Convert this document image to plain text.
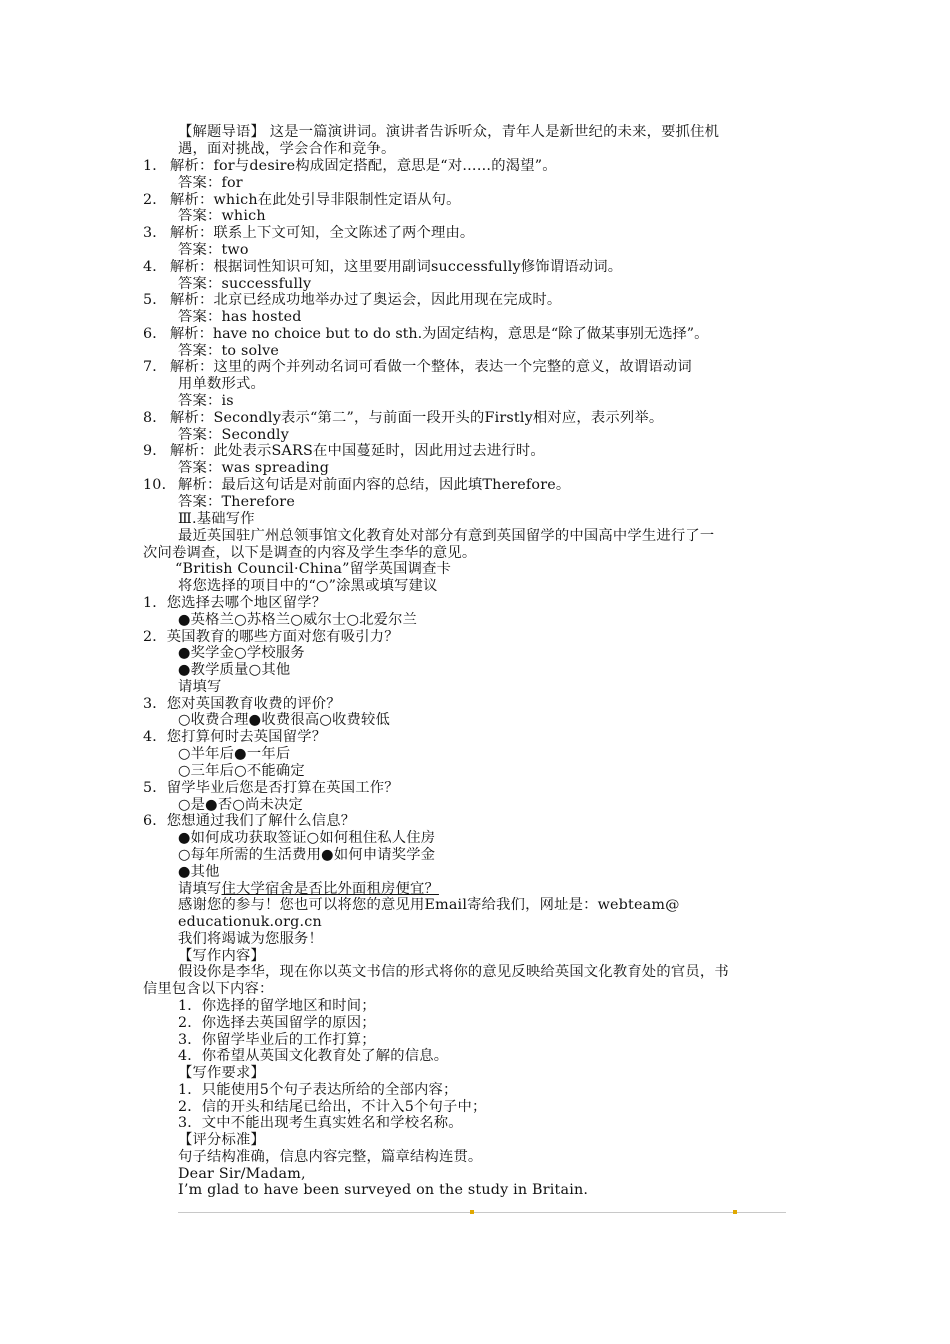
【解题导语】 这是一篇演讲词。演讲者告诉听众，青年人是新世纪的未来，要抓住机
遇，面对挑战，学会合作和竞争。
1． 解析：for与desire构成固定搭配，意思是“对……的渴望”。
答案：for
2． 解析：which在此处引导非限制性定语从句。
答案：which
3． 解析：联系上下文可知，全文陈述了两个理由。
答案：two
4． 解析：根据词性知识可知，这里要用副词successfully修饰谓语动词。
答案：successfully
5． 解析：北京已经成功地举办过了奥运会，因此用现在完成时。
答案：has hosted
6． 解析：have no choice but to do sth.为固定结构，意思是“除了做某事别无选择”。
答案：to solve
7． 解析：这里的两个并列动名词可看做一个整体，表达一个完整的意义，故谓语动词
用单数形式。
答案：is
8． 解析：Secondly表示“第二”，与前面一段开头的Firstly相对应，表示列举。
答案：Secondly
9． 解析：此处表示SARS在中国蔓延时，因此用过去进行时。
答案：was spreading
10． 解析：最后这句话是对前面内容的总结，因此填Therefore。
答案：Therefore
Ⅲ.基础写作
最近英国驻广州总领事馆文化教育处对部分有意到英国留学的中国高中学生进行了一
次问卷调查，以下是调查的内容及学生李华的意见。
“British Council·China”留学英国调查卡
将您选择的项目中的“○”涂黑或填写建议
1．您选择去哪个地区留学？
●英格兰○苏格兰○威尔士○北爱尔兰
2．英国教育的哪些方面对您有吸引力？
●奖学金○学校服务
●教学质量○其他
请填写
3．您对英国教育收费的评价？
○收费合理●收费很高○收费较低
4．您打算何时去英国留学？
○半年后●一年后
○三年后○不能确定
5．留学毕业后您是否打算在英国工作？
○是●否○尚未决定
6．您想通过我们了解什么信息？
●如何成功获取签证○如何租住私人住房
○每年所需的生活费用●如何申请奖学金
●其他
请填写住大学宿舍是否比外面租房便宜？
感谢您的参与！您也可以将您的意见用Email寄给我们，网址是：webteam@
educationuk.org.cn
我们将竭诚为您服务！
【写作内容】
假设你是李华，现在你以英文书信的形式将你的意见反映给英国文化教育处的官员，书
信里包含以下内容：
1．你选择的留学地区和时间；
2．你选择去英国留学的原因；
3．你留学毕业后的工作打算；
4．你希望从英国文化教育处了解的信息。
【写作要求】
1．只能使用5个句子表达所给的全部内容；
2．信的开头和结尾已给出，不计入5个句子中；
3．文中不能出现考生真实姓名和学校名称。
【评分标准】
句子结构准确，信息内容完整，篇章结构连贯。
Dear Sir/Madam,
I’m glad to have been surveyed on the study in Britain.
